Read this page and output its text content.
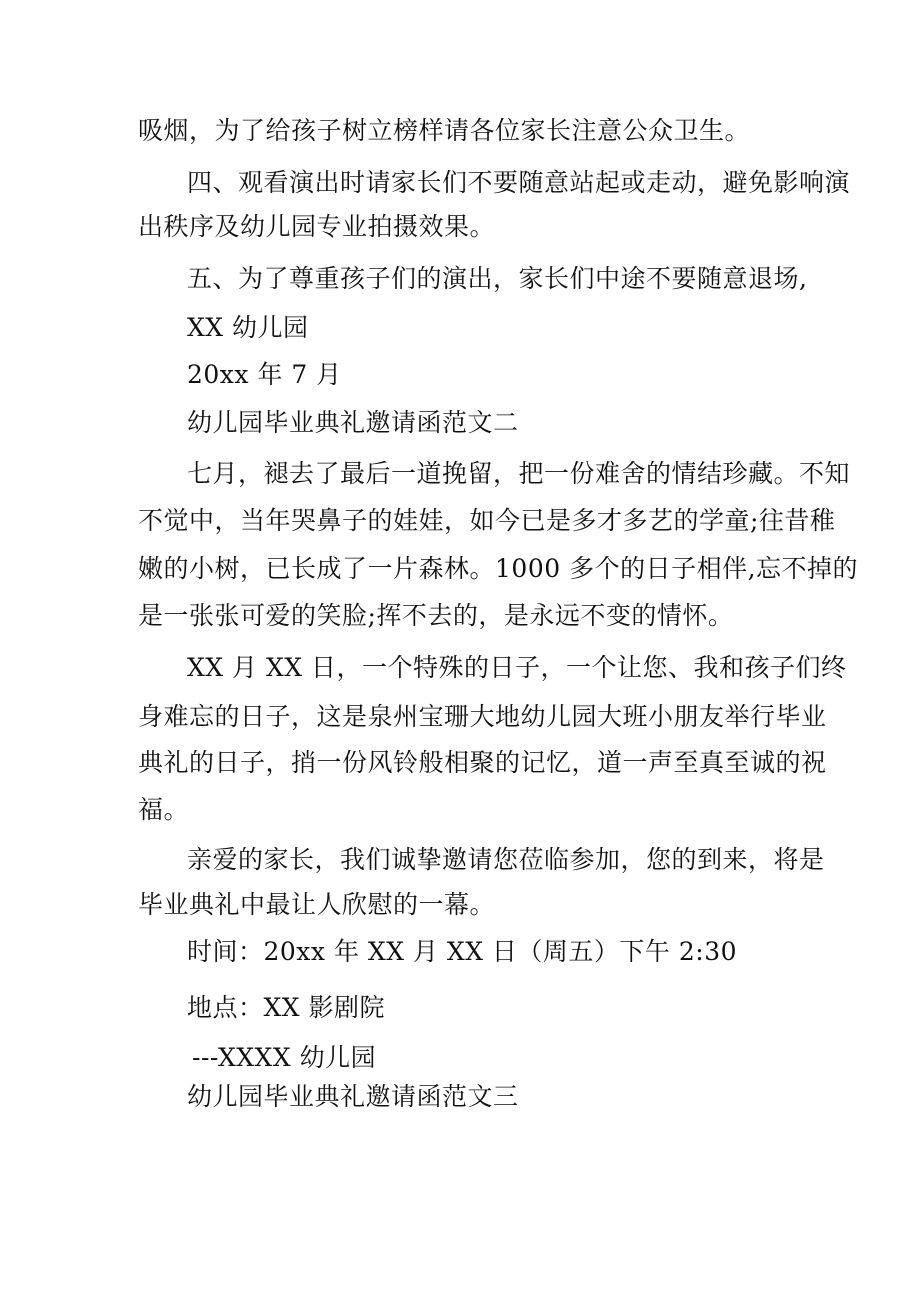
吸烟，为了给孩子树立榜样请各位家长注意公众卫生。
四、观看演出时请家长们不要随意站起或走动，避免影响演
出秩序及幼儿园专业拍摄效果。
五、为了尊重孩子们的演出，家长们中途不要随意退场,
XX 幼儿园
20xx 年 7 月
幼儿园毕业典礼邀请函范文二
七月，褪去了最后一道挽留，把一份难舍的情结珍藏。不知
不觉中，当年哭鼻子的娃娃，如今已是多才多艺的学童;往昔稚
嫩的小树，已长成了一片森林。1000 多个的日子相伴,忘不掉的
是一张张可爱的笑脸;挥不去的，是永远不变的情怀。
XX 月 XX 日，一个特殊的日子，一个让您、我和孩子们终
身难忘的日子，这是泉州宝珊大地幼儿园大班小朋友举行毕业
典礼的日子，捎一份风铃般相聚的记忆，道一声至真至诚的祝
福。
亲爱的家长，我们诚挚邀请您莅临参加，您的到来，将是
毕业典礼中最让人欣慰的一幕。
时间：20xx 年 XX 月 XX 日（周五）下午 2:30
地点：XX 影剧院
---XXXX 幼儿园
幼儿园毕业典礼邀请函范文三
